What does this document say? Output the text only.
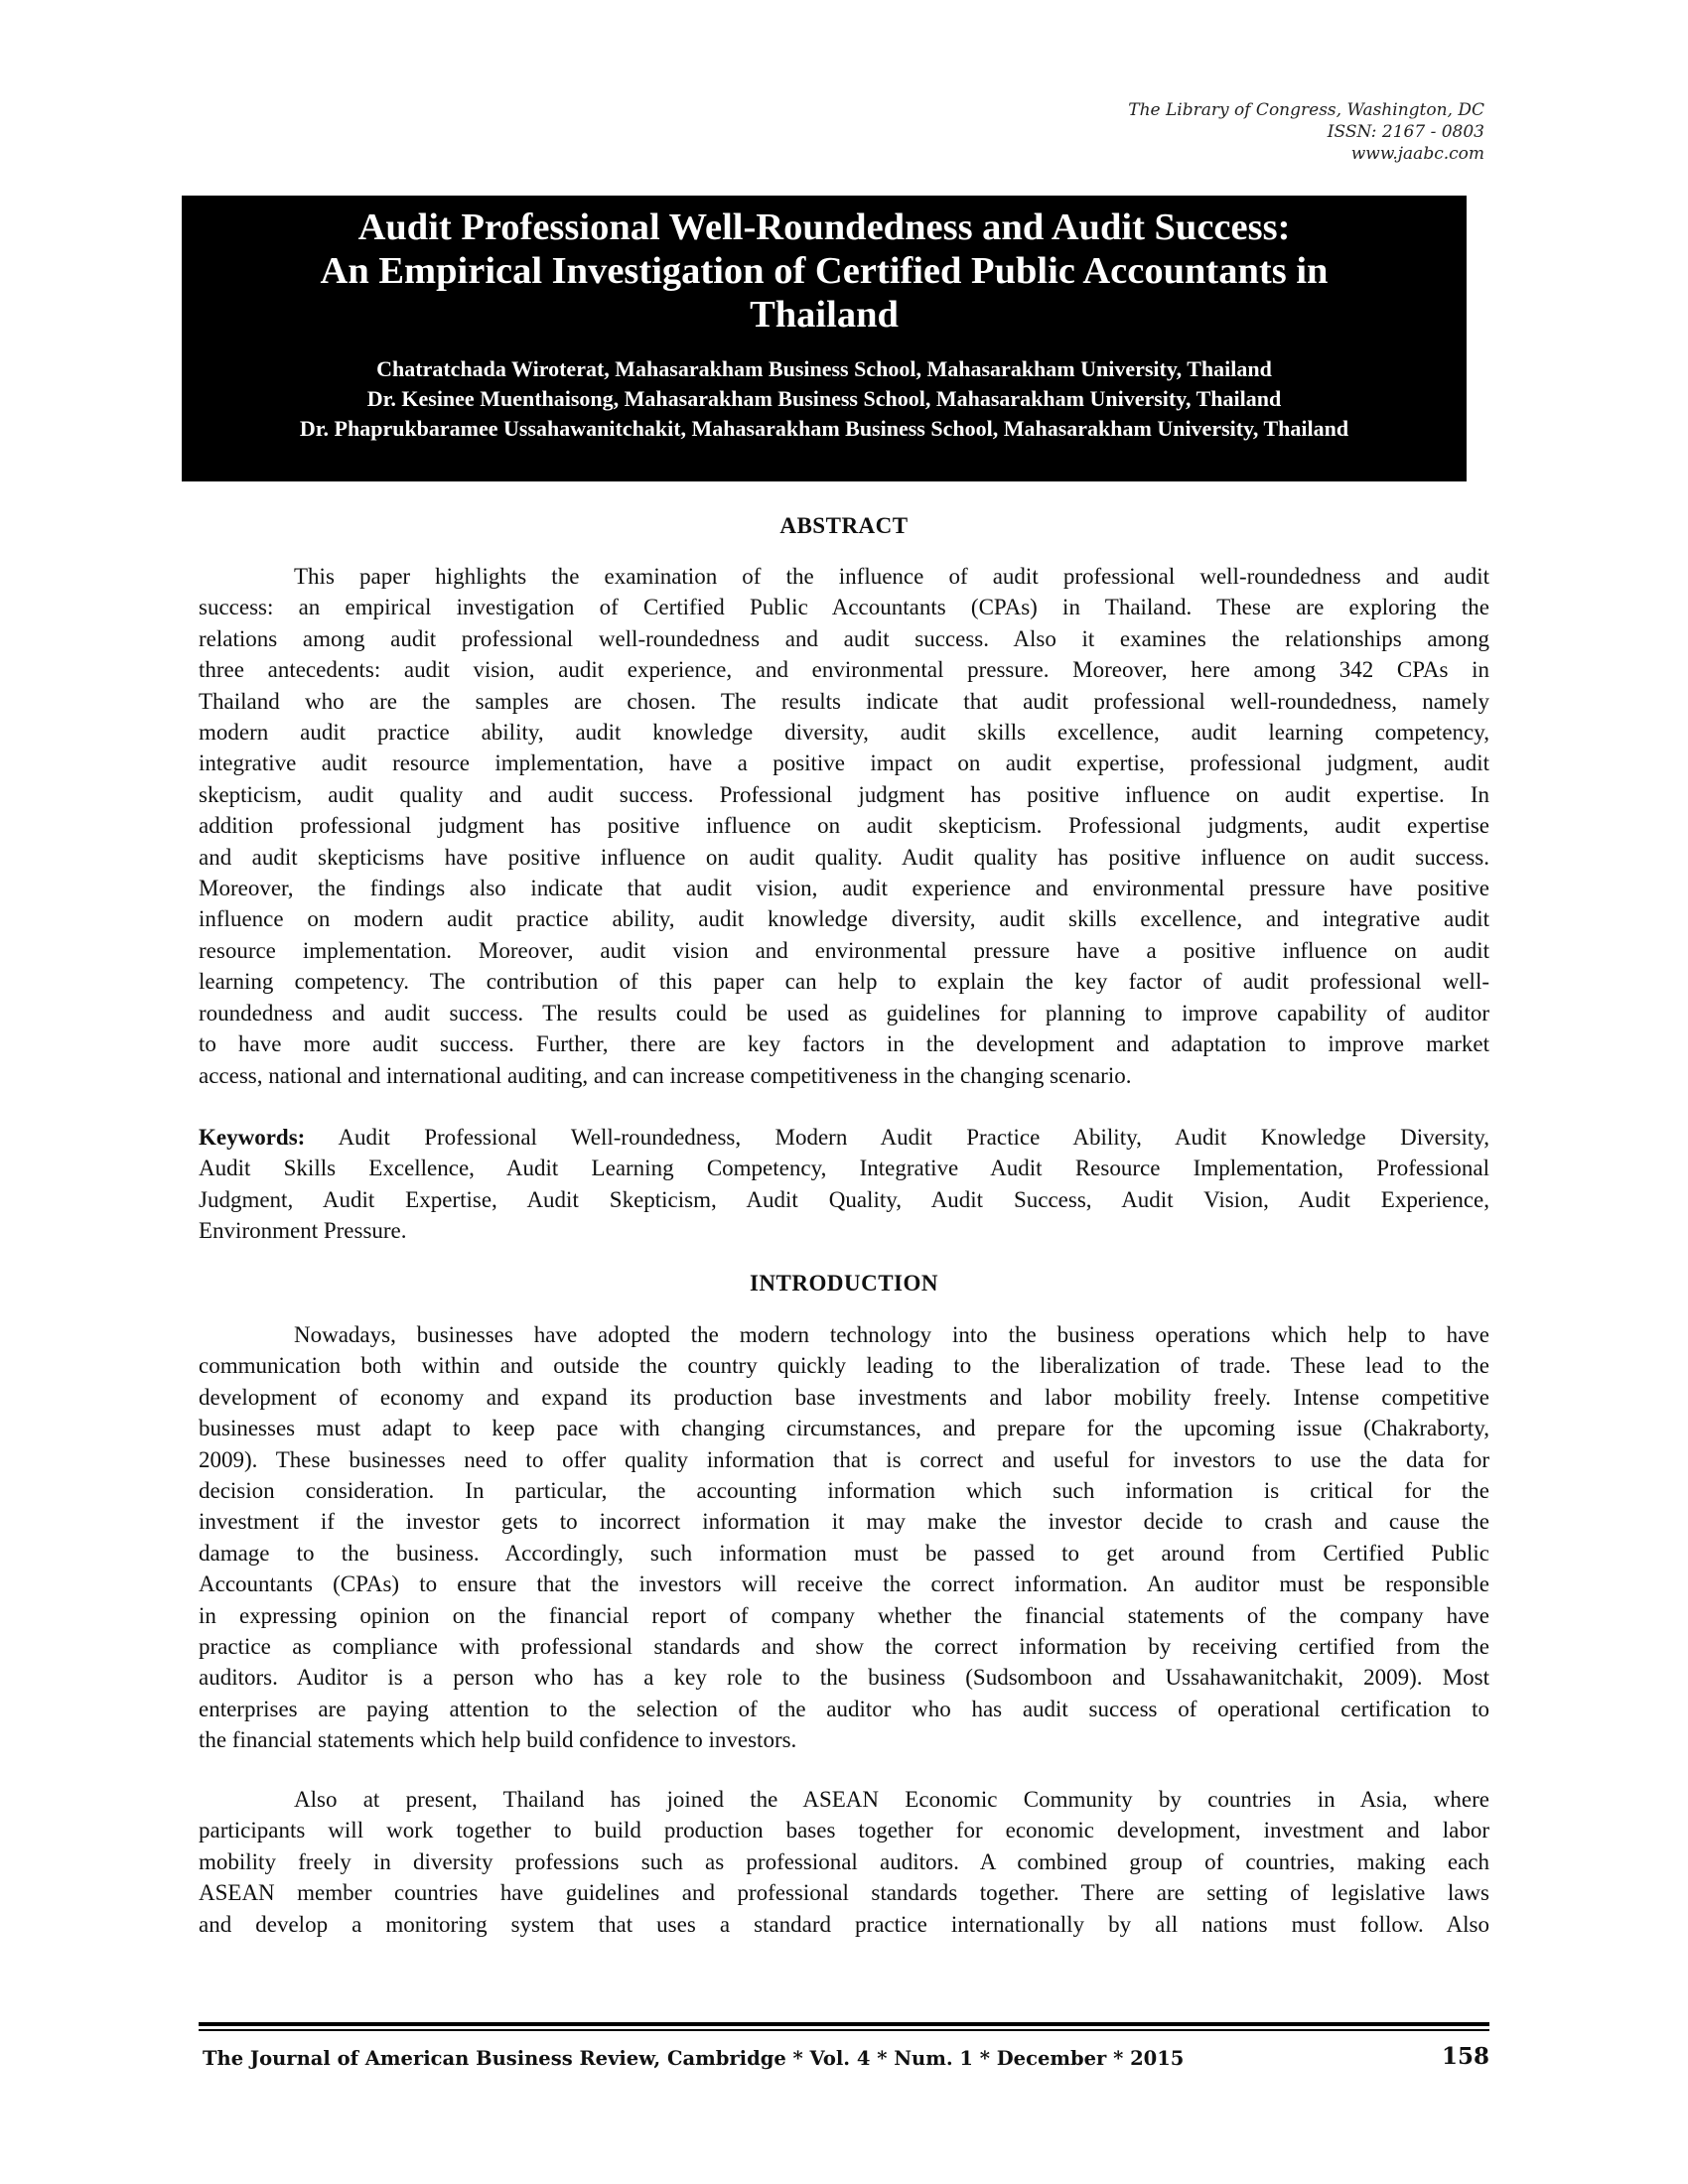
The Library of Congress, Washington, DC
ISSN: 2167 - 0803
www.jaabc.com
Audit Professional Well-Roundedness and Audit Success:
An Empirical Investigation of Certified Public Accountants in
Thailand
Chatratchada Wiroterat, Mahasarakham Business School, Mahasarakham University, Thailand
Dr. Kesinee Muenthaisong, Mahasarakham Business School, Mahasarakham University, Thailand
Dr. Phaprukbaramee Ussahawanitchakit, Mahasarakham Business School, Mahasarakham University, Thailand
ABSTRACT
This paper highlights the examination of the influence of audit professional well-roundedness and audit
success: an empirical investigation of Certified Public Accountants (CPAs) in Thailand. These are exploring the
relations among audit professional well-roundedness and audit success. Also it examines the relationships among
three antecedents: audit vision, audit experience, and environmental pressure. Moreover, here among 342 CPAs in
Thailand who are the samples are chosen. The results indicate that audit professional well-roundedness, namely
modern audit practice ability, audit knowledge diversity, audit skills excellence, audit learning competency,
integrative audit resource implementation, have a positive impact on audit expertise, professional judgment, audit
skepticism, audit quality and audit success. Professional judgment has positive influence on audit expertise. In
addition professional judgment has positive influence on audit skepticism. Professional judgments, audit expertise
and audit skepticisms have positive influence on audit quality. Audit quality has positive influence on audit success.
Moreover, the findings also indicate that audit vision, audit experience and environmental pressure have positive
influence on modern audit practice ability, audit knowledge diversity, audit skills excellence, and integrative audit
resource implementation. Moreover, audit vision and environmental pressure have a positive influence on audit
learning competency. The contribution of this paper can help to explain the key factor of audit professional well-
roundedness and audit success. The results could be used as guidelines for planning to improve capability of auditor
to have more audit success. Further, there are key factors in the development and adaptation to improve market
access, national and international auditing, and can increase competitiveness in the changing scenario.
Keywords: Audit Professional Well-roundedness, Modern Audit Practice Ability, Audit Knowledge Diversity,
Audit Skills Excellence, Audit Learning Competency, Integrative Audit Resource Implementation, Professional
Judgment, Audit Expertise, Audit Skepticism, Audit Quality, Audit Success, Audit Vision, Audit Experience,
Environment Pressure.
INTRODUCTION
Nowadays, businesses have adopted the modern technology into the business operations which help to have
communication both within and outside the country quickly leading to the liberalization of trade. These lead to the
development of economy and expand its production base investments and labor mobility freely. Intense competitive
businesses must adapt to keep pace with changing circumstances, and prepare for the upcoming issue (Chakraborty,
2009). These businesses need to offer quality information that is correct and useful for investors to use the data for
decision consideration. In particular, the accounting information which such information is critical for the
investment if the investor gets to incorrect information it may make the investor decide to crash and cause the
damage to the business. Accordingly, such information must be passed to get around from Certified Public
Accountants (CPAs) to ensure that the investors will receive the correct information. An auditor must be responsible
in expressing opinion on the financial report of company whether the financial statements of the company have
practice as compliance with professional standards and show the correct information by receiving certified from the
auditors. Auditor is a person who has a key role to the business (Sudsomboon and Ussahawanitchakit, 2009). Most
enterprises are paying attention to the selection of the auditor who has audit success of operational certification to
the financial statements which help build confidence to investors.
Also at present, Thailand has joined the ASEAN Economic Community by countries in Asia, where
participants will work together to build production bases together for economic development, investment and labor
mobility freely in diversity professions such as professional auditors. A combined group of countries, making each
ASEAN member countries have guidelines and professional standards together. There are setting of legislative laws
and develop a monitoring system that uses a standard practice internationally by all nations must follow. Also
The Journal of American Business Review, Cambridge * Vol. 4 * Num. 1 * December * 2015	158
